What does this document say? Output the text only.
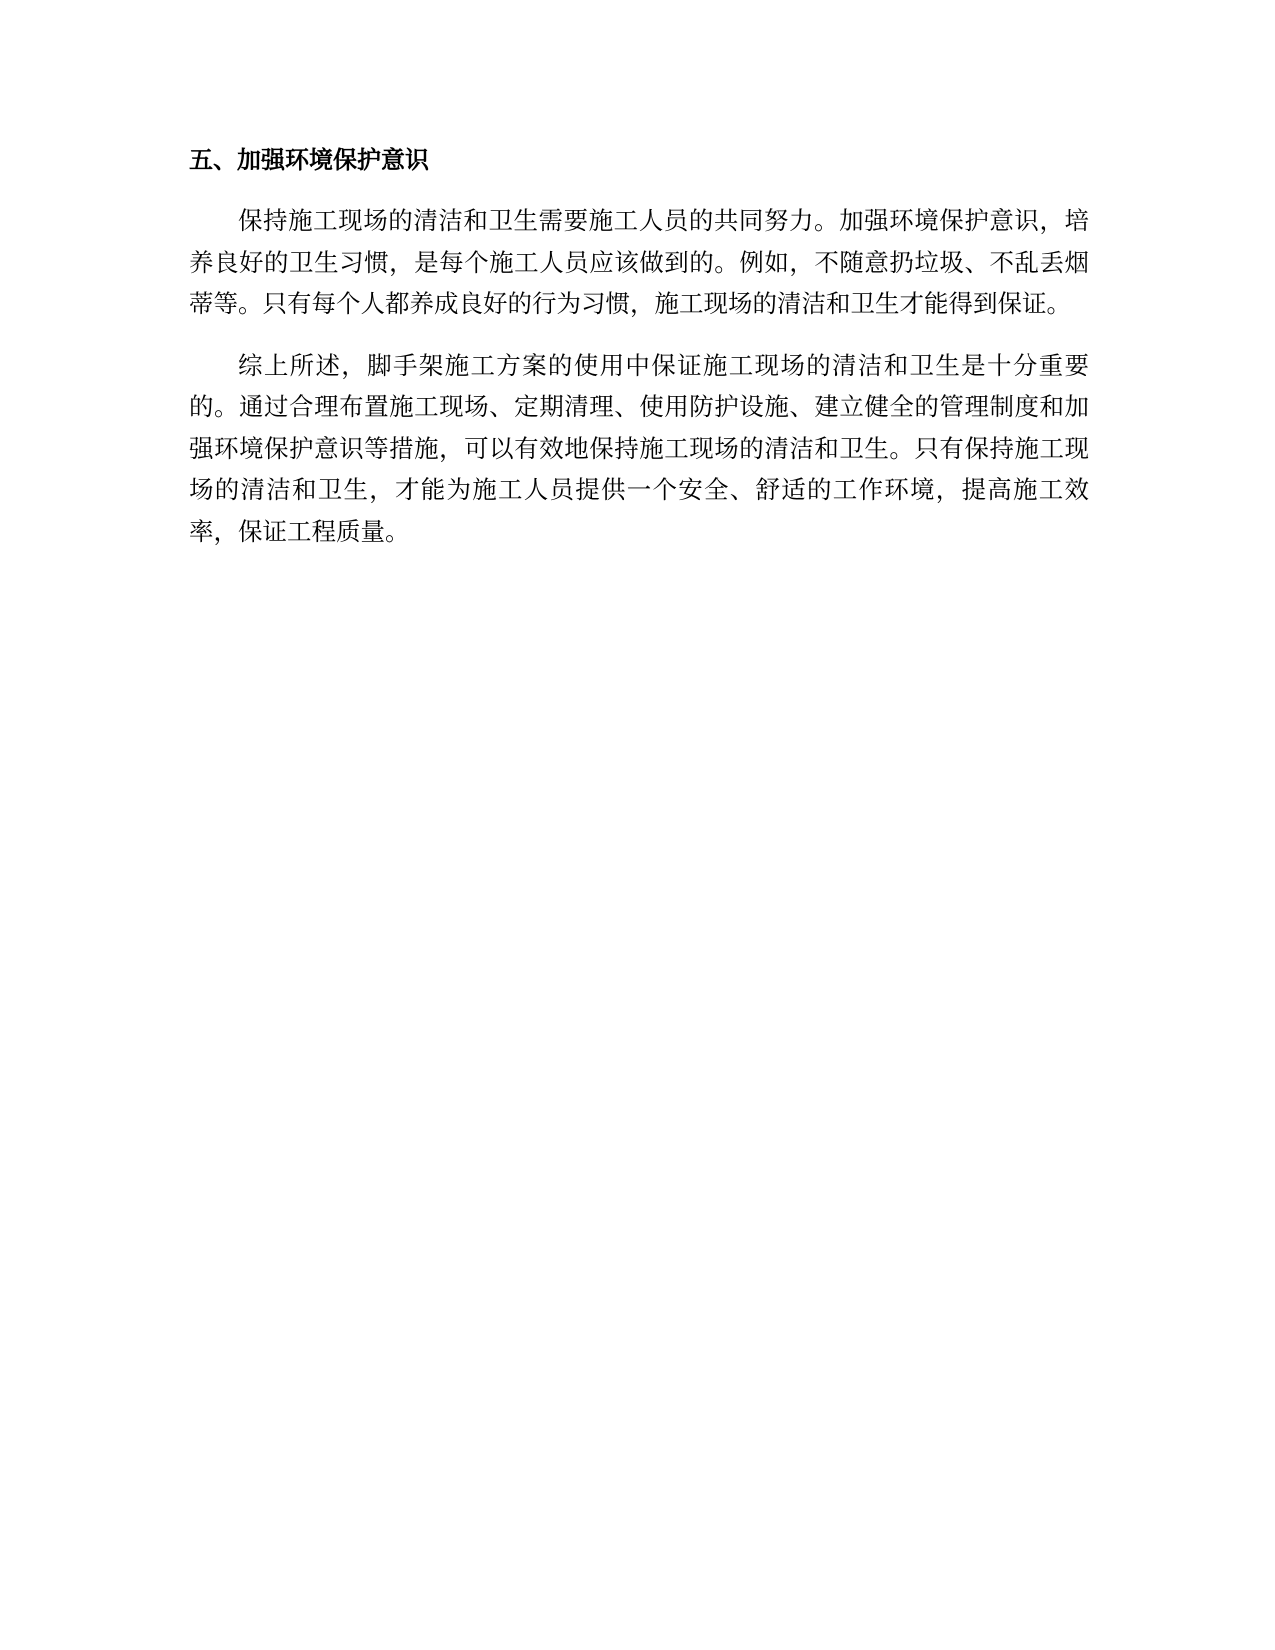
五、加强环境保护意识

保持施工现场的清洁和卫生需要施工人员的共同努力。加强环境保护意识，培养良好的卫生习惯，是每个施工人员应该做到的。例如，不随意扔垃圾、不乱丢烟蒂等。只有每个人都养成良好的行为习惯，施工现场的清洁和卫生才能得到保证。

综上所述，脚手架施工方案的使用中保证施工现场的清洁和卫生是十分重要的。通过合理布置施工现场、定期清理、使用防护设施、建立健全的管理制度和加强环境保护意识等措施，可以有效地保持施工现场的清洁和卫生。只有保持施工现场的清洁和卫生，才能为施工人员提供一个安全、舒适的工作环境，提高施工效率，保证工程质量。
